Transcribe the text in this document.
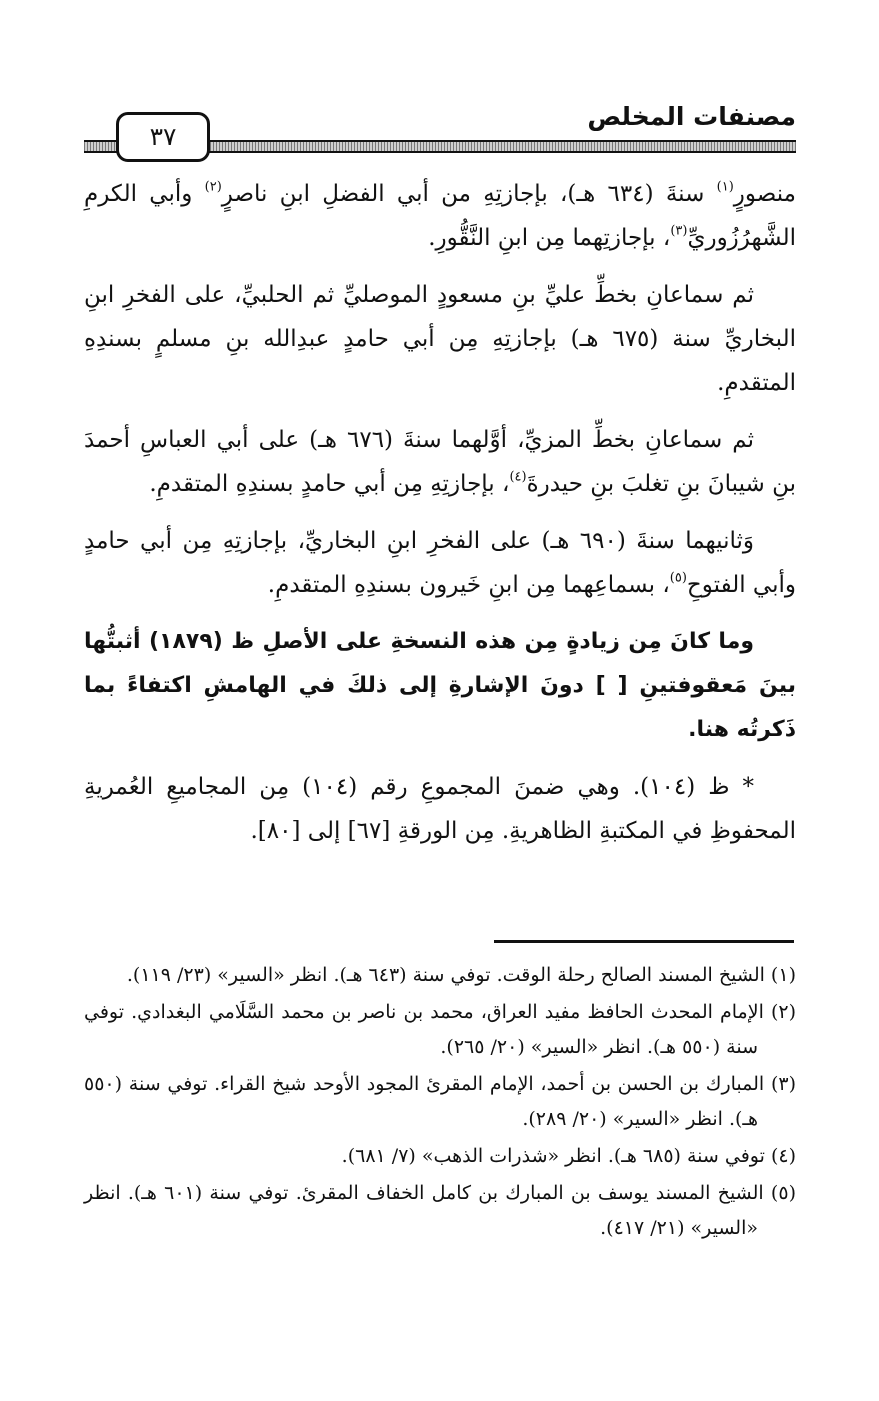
مصنفات المخلص
٣٧

منصورٍ$^{(١)}$ سنةَ (٦٣٤ هـ)، بإجازتِهِ من أبي الفضلِ ابنِ ناصرٍ$^{(٢)}$ وأبي الكرمِ الشَّهرُزُوريِّ$^{(٣)}$، بإجازتِهما مِن ابنِ النَّقُّورِ.

ثم سماعانِ بخطِّ عليِّ بنِ مسعودٍ الموصليِّ ثم الحلبيِّ، على الفخرِ ابنِ البخاريِّ سنة (٦٧٥ هـ) بإجازتِهِ مِن أبي حامدٍ عبدِالله بنِ مسلمٍ بسندِهِ المتقدمِ.

ثم سماعانِ بخطِّ المزيِّ، أوَّلهما سنةَ (٦٧٦ هـ) على أبي العباسِ أحمدَ بنِ شيبانَ بنِ تغلبَ بنِ حيدرةَ$^{(٤)}$، بإجازتِهِ مِن أبي حامدٍ بسندِهِ المتقدمِ.

وَثانيهما سنةَ (٦٩٠ هـ) على الفخرِ ابنِ البخاريِّ، بإجازتِهِ مِن أبي حامدٍ وأبي الفتوحِ$^{(٥)}$، بسماعِهما مِن ابنِ خَيرون بسندِهِ المتقدمِ.

وما كانَ مِن زيادةٍ مِن هذه النسخةِ على الأصلِ ظ (١٨٧٩) أثبتُّها بينَ مَعقوفتينِ [ ] دونَ الإشارةِ إلى ذلكَ في الهامشِ اكتفاءً بما ذَكرتُه هنا.

* ظ (١٠٤). وهي ضمنَ المجموعِ رقم (١٠٤) مِن المجاميعِ العُمريةِ المحفوظِ في المكتبةِ الظاهريةِ. مِن الورقةِ [٦٧] إلى [٨٠].

(١) الشيخ المسند الصالح رحلة الوقت. توفي سنة (٦٤٣ هـ). انظر «السير» (٢٣/ ١١٩).

(٢) الإمام المحدث الحافظ مفيد العراق، محمد بن ناصر بن محمد السَّلَامي البغدادي. توفي سنة (٥٥٠ هـ). انظر «السير» (٢٠/ ٢٦٥).

(٣) المبارك بن الحسن بن أحمد، الإمام المقرئ المجود الأوحد شيخ القراء. توفي سنة (٥٥٠ هـ). انظر «السير» (٢٠/ ٢٨٩).

(٤) توفي سنة (٦٨٥ هـ). انظر «شذرات الذهب» (٧/ ٦٨١).

(٥) الشيخ المسند يوسف بن المبارك بن كامل الخفاف المقرئ. توفي سنة (٦٠١ هـ). انظر «السير» (٢١/ ٤١٧).
